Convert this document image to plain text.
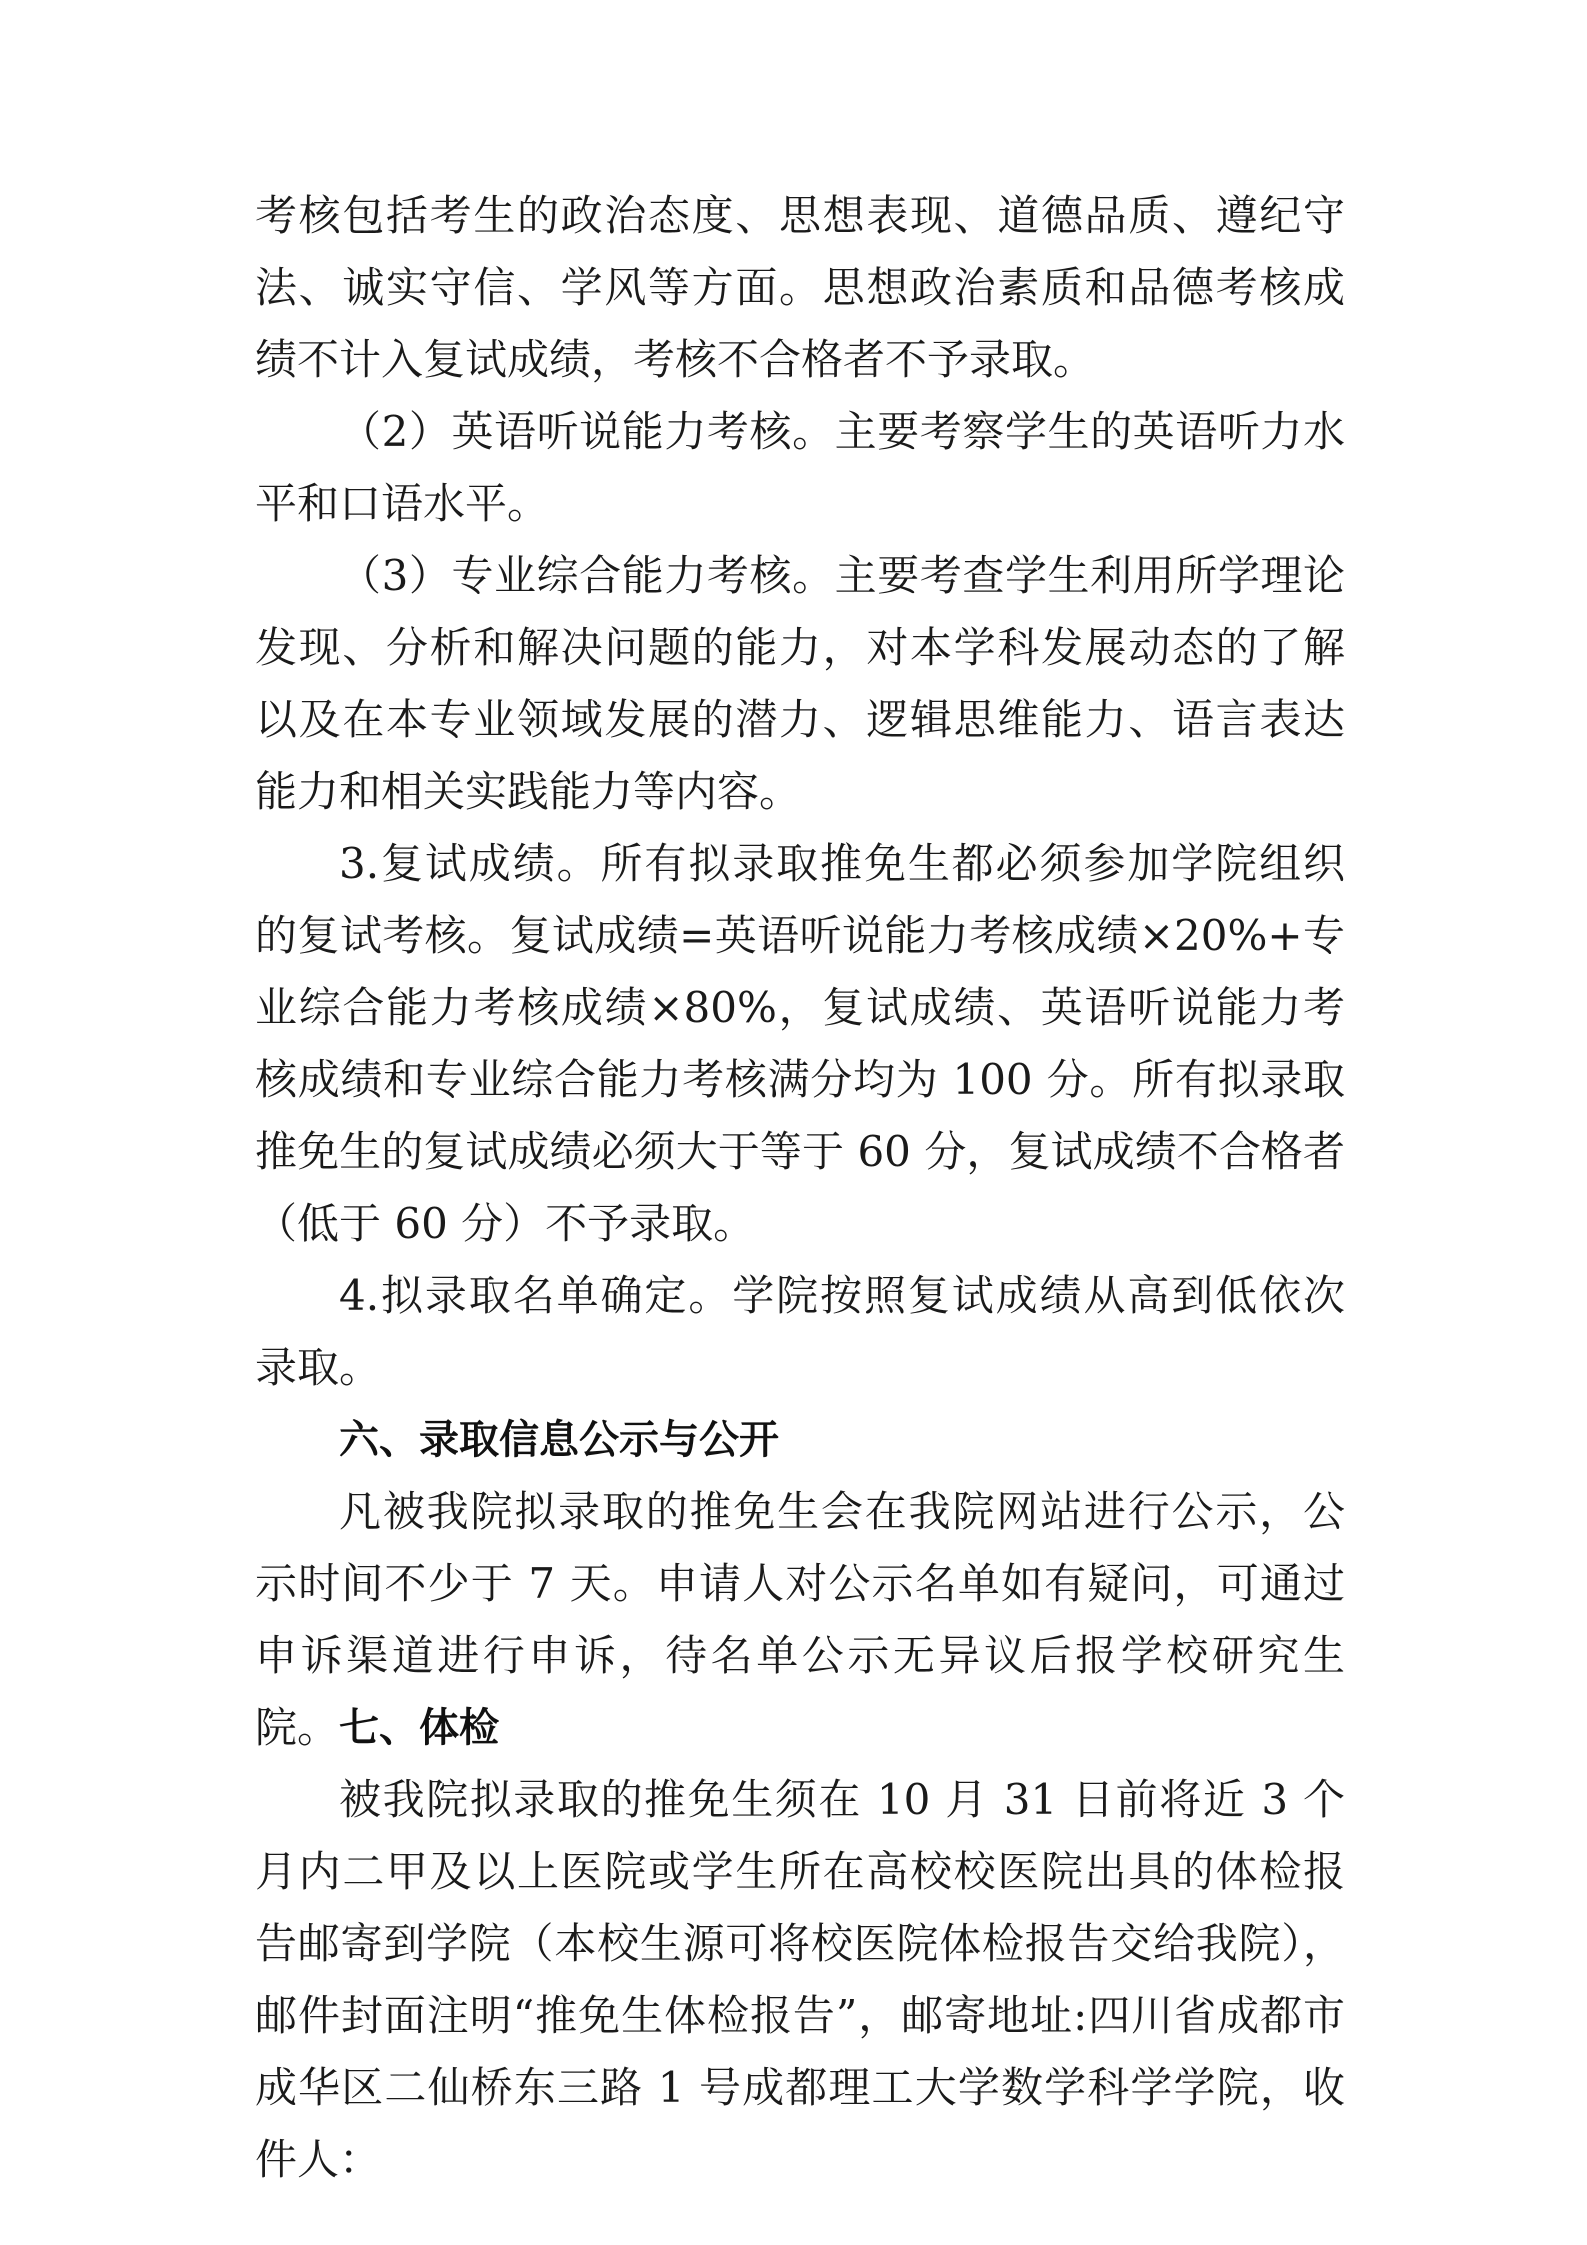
考核包括考生的政治态度、思想表现、道德品质、遵纪守法、诚实守信、学风等方面。思想政治素质和品德考核成绩不计入复试成绩，考核不合格者不予录取。

（2）英语听说能力考核。主要考察学生的英语听力水平和口语水平。

（3）专业综合能力考核。主要考查学生利用所学理论发现、分析和解决问题的能力，对本学科发展动态的了解以及在本专业领域发展的潜力、逻辑思维能力、语言表达能力和相关实践能力等内容。

3.复试成绩。所有拟录取推免生都必须参加学院组织的复试考核。复试成绩=英语听说能力考核成绩×20%+专业综合能力考核成绩×80%，复试成绩、英语听说能力考核成绩和专业综合能力考核满分均为 100 分。所有拟录取推免生的复试成绩必须大于等于 60 分，复试成绩不合格者（低于 60 分）不予录取。

4.拟录取名单确定。学院按照复试成绩从高到低依次录取。

六、录取信息公示与公开

凡被我院拟录取的推免生会在我院网站进行公示，公示时间不少于 7 天。申请人对公示名单如有疑问，可通过申诉渠道进行申诉，待名单公示无异议后报学校研究生院。 七、体检

被我院拟录取的推免生须在 10 月 31 日前将近 3 个月内二甲及以上医院或学生所在高校校医院出具的体检报告邮寄到学院（本校生源可将校医院体检报告交给我院），邮件封面注明“推免生体检报告”，邮寄地址:四川省成都市成华区二仙桥东三路 1 号成都理工大学数学科学学院，收件人：
